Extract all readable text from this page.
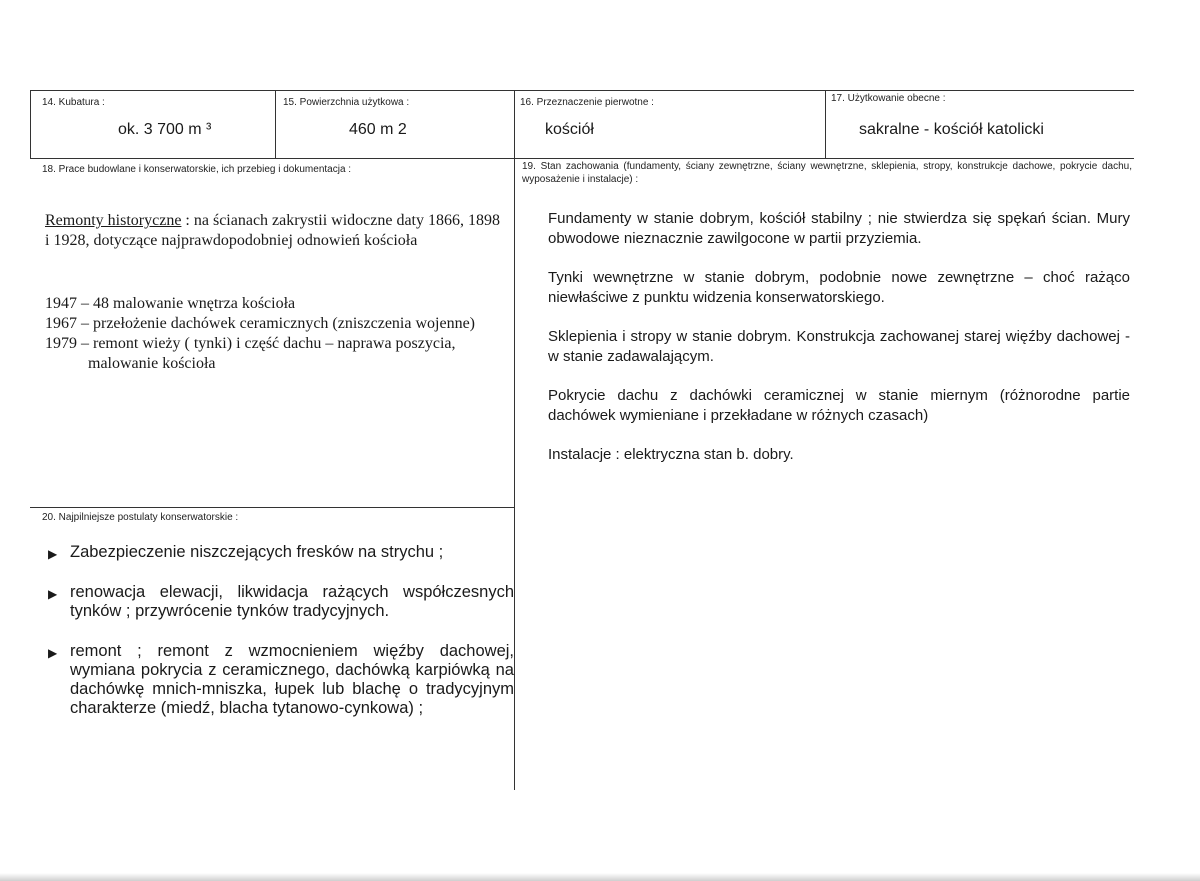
14. Kubatura :
ok. 3 700 m ³
15. Powierzchnia użytkowa :
460 m 2
16. Przeznaczenie pierwotne :
kościół
17. Użytkowanie obecne :
sakralne - kościół katolicki
18. Prace budowlane i konserwatorskie, ich przebieg i dokumentacja :
Remonty historyczne : na ścianach zakrystii widoczne daty 1866, 1898 i 1928, dotyczące najprawdopodobniej odnowień kościoła
1947 – 48 malowanie wnętrza kościoła
1967 – przełożenie dachówek ceramicznych (zniszczenia wojenne)
1979 – remont wieży ( tynki) i część dachu – naprawa poszycia,
malowanie kościoła
19. Stan zachowania (fundamenty, ściany zewnętrzne, ściany wewnętrzne, sklepienia, stropy, konstrukcje dachowe, pokrycie dachu, wyposażenie i instalacje) :
Fundamenty w stanie dobrym, kościół stabilny ; nie stwierdza się spękań ścian. Mury obwodowe nieznacznie zawilgocone w partii przyziemia.
Tynki wewnętrzne w stanie dobrym, podobnie nowe zewnętrzne – choć rażąco niewłaściwe z punktu widzenia konserwatorskiego.
Sklepienia i stropy w stanie dobrym. Konstrukcja zachowanej starej więźby dachowej - w stanie zadawalającym.
Pokrycie dachu z dachówki ceramicznej w stanie miernym (różnorodne partie dachówek wymieniane i przekładane w różnych czasach)
Instalacje : elektryczna stan b. dobry.
20. Najpilniejsze postulaty konserwatorskie :
▶ Zabezpieczenie niszczejących fresków na strychu ;
▶ renowacja elewacji, likwidacja rażących współczesnych tynków ; przywrócenie tynków tradycyjnych.
▶ remont ; remont z wzmocnieniem więźby dachowej, wymiana pokrycia z ceramicznego, dachówką karpiówką na dachówkę mnich-mniszka, łupek lub blachę o tradycyjnym charakterze (miedź, blacha tytanowo-cynkowa) ;
